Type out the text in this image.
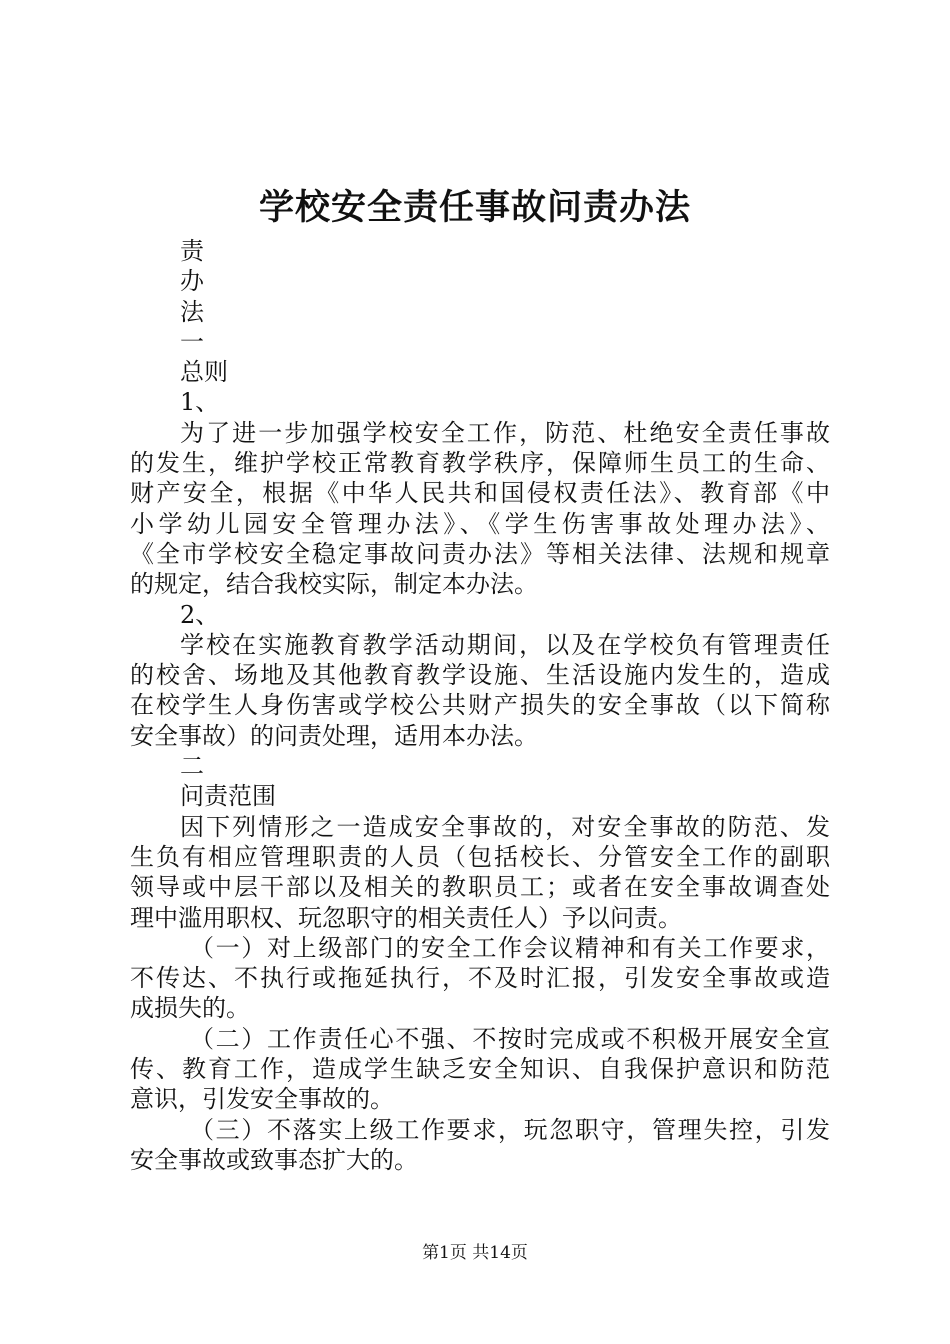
学校安全责任事故问责办法
责
办
法
一
总则
1、
为了进一步加强学校安全工作，防范、杜绝安全责任事故
的发生，维护学校正常教育教学秩序，保障师生员工的生命、
财产安全，根据《中华人民共和国侵权责任法》、教育部《中
小学幼儿园安全管理办法》、《学生伤害事故处理办法》、
《全市学校安全稳定事故问责办法》等相关法律、法规和规章
的规定，结合我校实际，制定本办法。
2、
学校在实施教育教学活动期间，以及在学校负有管理责任
的校舍、场地及其他教育教学设施、生活设施内发生的，造成
在校学生人身伤害或学校公共财产损失的安全事故（以下简称
安全事故）的问责处理，适用本办法。
二
问责范围
因下列情形之一造成安全事故的，对安全事故的防范、发
生负有相应管理职责的人员（包括校长、分管安全工作的副职
领导或中层干部以及相关的教职员工；或者在安全事故调查处
理中滥用职权、玩忽职守的相关责任人）予以问责。
（一）对上级部门的安全工作会议精神和有关工作要求，
不传达、不执行或拖延执行，不及时汇报，引发安全事故或造
成损失的。
（二）工作责任心不强、不按时完成或不积极开展安全宣
传、教育工作，造成学生缺乏安全知识、自我保护意识和防范
意识，引发安全事故的。
（三）不落实上级工作要求，玩忽职守，管理失控，引发
安全事故或致事态扩大的。
第1页 共14页
